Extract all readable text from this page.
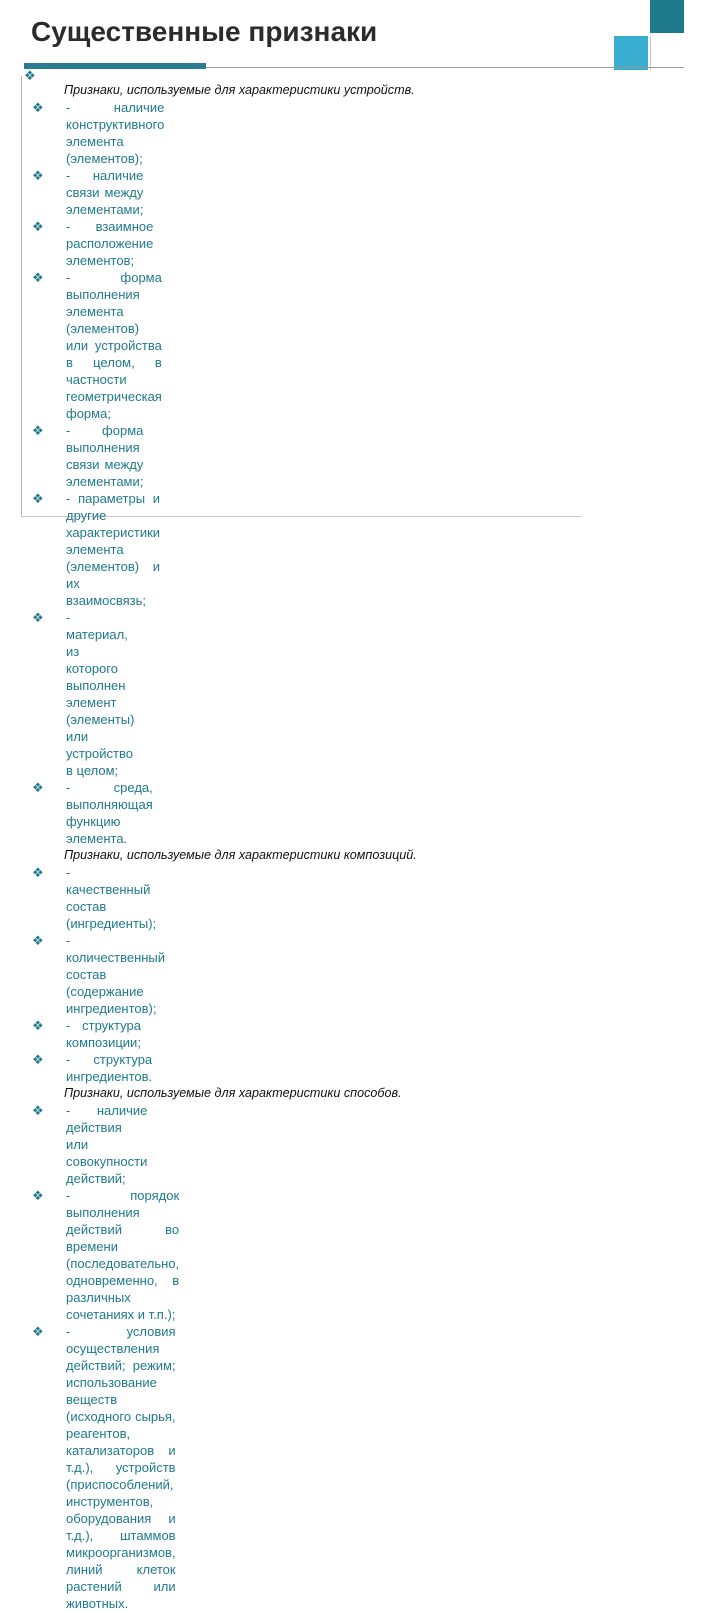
Существенные признаки
❖
Признаки, используемые для характеристики устройств.
❖	- наличие конструктивного элемента (элементов);
❖	- наличие связи между элементами;
❖	- взаимное расположение элементов;
❖	- форма выполнения элемента (элементов) или устройства в целом, в частности геометрическая форма;
❖	- форма выполнения связи между элементами;
❖	- параметры и другие характеристики элемента (элементов) и их взаимосвязь;
❖	- материал, из которого выполнен элемент (элементы) или устройство в целом;
❖	- среда, выполняющая функцию элемента.
Признаки, используемые для характеристики композиций.
❖	- качественный состав (ингредиенты);
❖	- количественный состав (содержание ингредиентов);
❖	- структура композиции;
❖	- структура ингредиентов.
Признаки, используемые для характеристики способов.
❖	- наличие действия или совокупности действий;
❖	- порядок выполнения действий во времени (последовательно, одновременно, в различных сочетаниях и т.п.);
❖	- условия осуществления действий; режим; использование веществ (исходного сырья, реагентов, катализаторов и т.д.), устройств (приспособлений, инструментов, оборудования и т.д.), штаммов микроорганизмов, линий клеток растений или животных.
